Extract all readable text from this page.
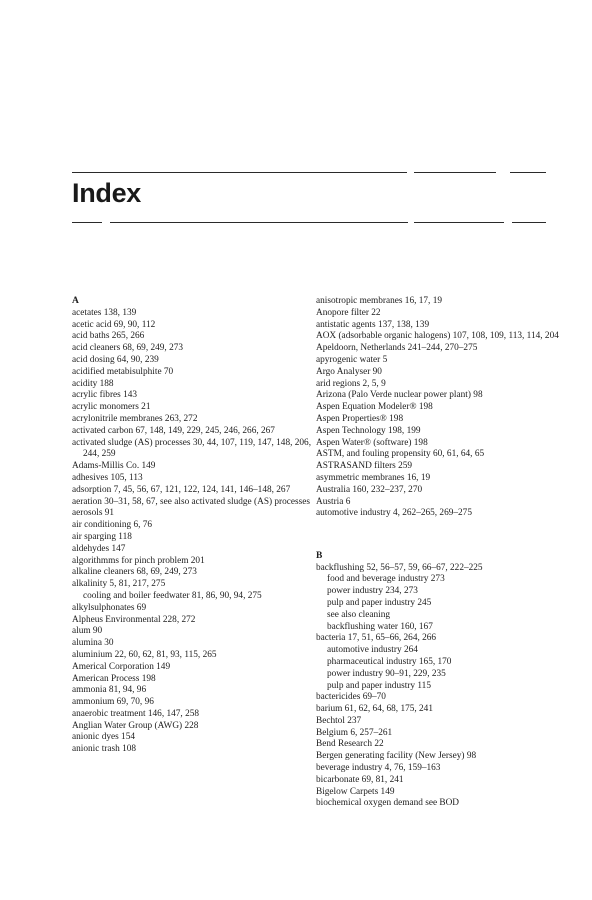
Index

A

acetates 138, 139

acetic acid 69, 90, 112

acid baths 265, 266

acid cleaners 68, 69, 249, 273

acid dosing 64, 90, 239

acidified metabisulphite 70

acidity 188

acrylic fibres 143

acrylic monomers 21

acrylonitrile membranes 263, 272

activated carbon 67, 148, 149, 229, 245, 246, 266, 267

activated sludge (AS) processes 30, 44, 107, 119, 147, 148, 206, 244, 259

Adams-Millis Co. 149

adhesives 105, 113

adsorption 7, 45, 56, 67, 121, 122, 124, 141, 146–148, 267

aeration 30–31, 58, 67, see also activated sludge (AS) processes

aerosols 91

air conditioning 6, 76

air sparging 118

aldehydes 147

algorithmms for pinch problem 201

alkaline cleaners 68, 69, 249, 273

alkalinity 5, 81, 217, 275

cooling and boiler feedwater 81, 86, 90, 94, 275

alkylsulphonates 69

Alpheus Environmental 228, 272

alum 90

alumina 30

aluminium 22, 60, 62, 81, 93, 115, 265

Americal Corporation 149

American Process 198

ammonia 81, 94, 96

ammonium 69, 70, 96

anaerobic treatment 146, 147, 258

Anglian Water Group (AWG) 228

anionic dyes 154

anionic trash 108

anisotropic membranes 16, 17, 19

Anopore filter 22

antistatic agents 137, 138, 139

AOX (adsorbable organic halogens) 107, 108, 109, 113, 114, 204

Apeldoorn, Netherlands 241–244, 270–275

apyrogenic water 5

Argo Analyser 90

arid regions 2, 5, 9

Arizona (Palo Verde nuclear power plant) 98

Aspen Equation Modeler® 198

Aspen Properties® 198

Aspen Technology 198, 199

Aspen Water® (software) 198

ASTM, and fouling propensity 60, 61, 64, 65

ASTRASAND filters 259

asymmetric membranes 16, 19

Australia 160, 232–237, 270

Austria 6

automotive industry 4, 262–265, 269–275

B

backflushing 52, 56–57, 59, 66–67, 222–225

food and beverage industry 273

power industry 234, 273

pulp and paper industry 245

see also cleaning

backflushing water 160, 167

bacteria 17, 51, 65–66, 264, 266

automotive industry 264

pharmaceutical industry 165, 170

power industry 90–91, 229, 235

pulp and paper industry 115

bactericides 69–70

barium 61, 62, 64, 68, 175, 241

Bechtol 237

Belgium 6, 257–261

Bend Research 22

Bergen generating facility (New Jersey) 98

beverage industry 4, 76, 159–163

bicarbonate 69, 81, 241

Bigelow Carpets 149

biochemical oxygen demand see BOD
